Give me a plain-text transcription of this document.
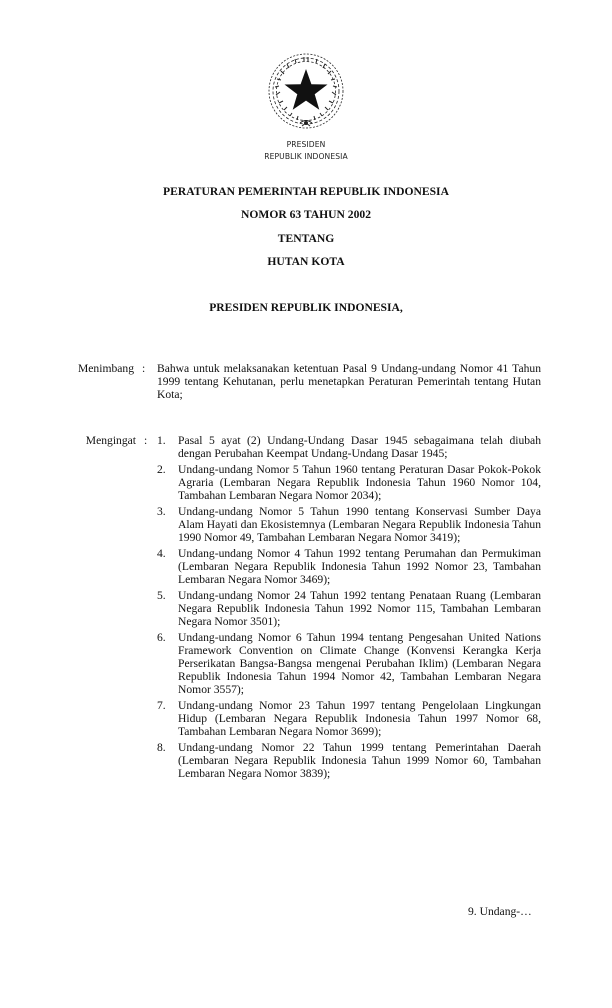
PRESIDEN
REPUBLIK INDONESIA
PERATURAN PEMERINTAH REPUBLIK INDONESIA
NOMOR 63 TAHUN 2002
TENTANG
HUTAN KOTA
PRESIDEN REPUBLIK INDONESIA,
Menimbang : Bahwa untuk melaksanakan ketentuan Pasal 9 Undang-undang Nomor 41 Tahun 1999 tentang Kehutanan, perlu menetapkan Peraturan Pemerintah tentang Hutan Kota;
Mengingat : 1. Pasal 5 ayat (2) Undang-Undang Dasar 1945 sebagaimana telah diubah dengan Perubahan Keempat Undang-Undang Dasar 1945;
2. Undang-undang Nomor 5 Tahun 1960 tentang Peraturan Dasar Pokok-Pokok Agraria (Lembaran Negara Republik Indonesia Tahun 1960 Nomor 104, Tambahan Lembaran Negara Nomor 2034);
3. Undang-undang Nomor 5 Tahun 1990 tentang Konservasi Sumber Daya Alam Hayati dan Ekosistemnya (Lembaran Negara Republik Indonesia Tahun 1990 Nomor 49, Tambahan Lembaran Negara Nomor 3419);
4. Undang-undang Nomor 4 Tahun 1992 tentang Perumahan dan Permukiman (Lembaran Negara Republik Indonesia Tahun 1992 Nomor 23, Tambahan Lembaran Negara Nomor 3469);
5. Undang-undang Nomor 24 Tahun 1992 tentang Penataan Ruang (Lembaran Negara Republik Indonesia Tahun 1992 Nomor 115, Tambahan Lembaran Negara Nomor 3501);
6. Undang-undang Nomor 6 Tahun 1994 tentang Pengesahan United Nations Framework Convention on Climate Change (Konvensi Kerangka Kerja Perserikatan Bangsa-Bangsa mengenai Perubahan Iklim) (Lembaran Negara Republik Indonesia Tahun 1994 Nomor 42, Tambahan Lembaran Negara Nomor 3557);
7. Undang-undang Nomor 23 Tahun 1997 tentang Pengelolaan Lingkungan Hidup (Lembaran Negara Republik Indonesia Tahun 1997 Nomor 68, Tambahan Lembaran Negara Nomor 3699);
8. Undang-undang Nomor 22 Tahun 1999 tentang Pemerintahan Daerah (Lembaran Negara Republik Indonesia Tahun 1999 Nomor 60, Tambahan Lembaran Negara Nomor 3839);
9. Undang-…
